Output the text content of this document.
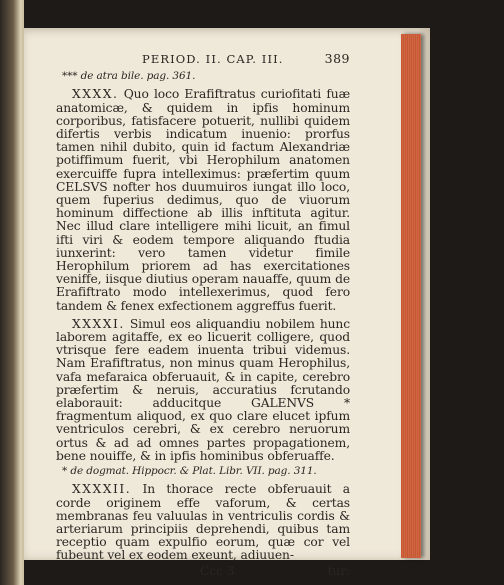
PERIOD. II. CAP. III.	389
*** de atra bile. pag. 361.

XXXX. Quo loco Erafiftratus curiofitati fuæ anatomicæ, & quidem in ipfis hominum corporibus, fatisfacere potuerit, nullibi quidem difertis verbis indicatum inuenio: prorfus tamen nihil dubito, quin id factum Alexandriæ potiffimum fuerit, vbi Herophilum anatomen exercuiffe fupra intelleximus: præfertim quum CELSVS nofter hos duumuiros iungat illo loco, quem fuperius dedimus, quo de viuorum hominum diffectione ab illis inftituta agitur. Nec illud clare intelligere mihi licuit, an fimul ifti viri & eodem tempore aliquando ftudia iunxerint: vero tamen videtur fimile Herophilum priorem ad has exercitationes veniffe, iisque diutius operam nauaffe, quum de Erafiftrato modo intellexerimus, quod fero tandem & fenex exfectionem aggreffus fuerit.

XXXXI. Simul eos aliquandiu nobilem hunc laborem agitaffe, ex eo licuerit colligere, quod vtrisque fere eadem inuenta tribui videmus. Nam Erafiftratus, non minus quam Herophilus, vafa mefaraica obferuauit, & in capite, cerebro præfertim & neruis, accuratius fcrutando elaborauit: adducitque GALENVS * fragmentum aliquod, ex quo clare elucet ipfum ventriculos cerebri, & ex cerebro neruorum ortus & ad ad omnes partes propagationem, bene nouiffe, & in ipfis hominibus obferuaffe.

* de dogmat. Hippocr. & Plat. Libr. VII. pag. 311.

XXXXII. In thorace recte obferuauit a corde originem effe vaforum, & certas membranas feu valuulas in ventriculis cordis & arteriarum principiis deprehendi, quibus tam receptio quam expulfio eorum, quæ cor vel fubeunt vel ex eodem exeunt, adiuuen-

Ccc 3	tur:
